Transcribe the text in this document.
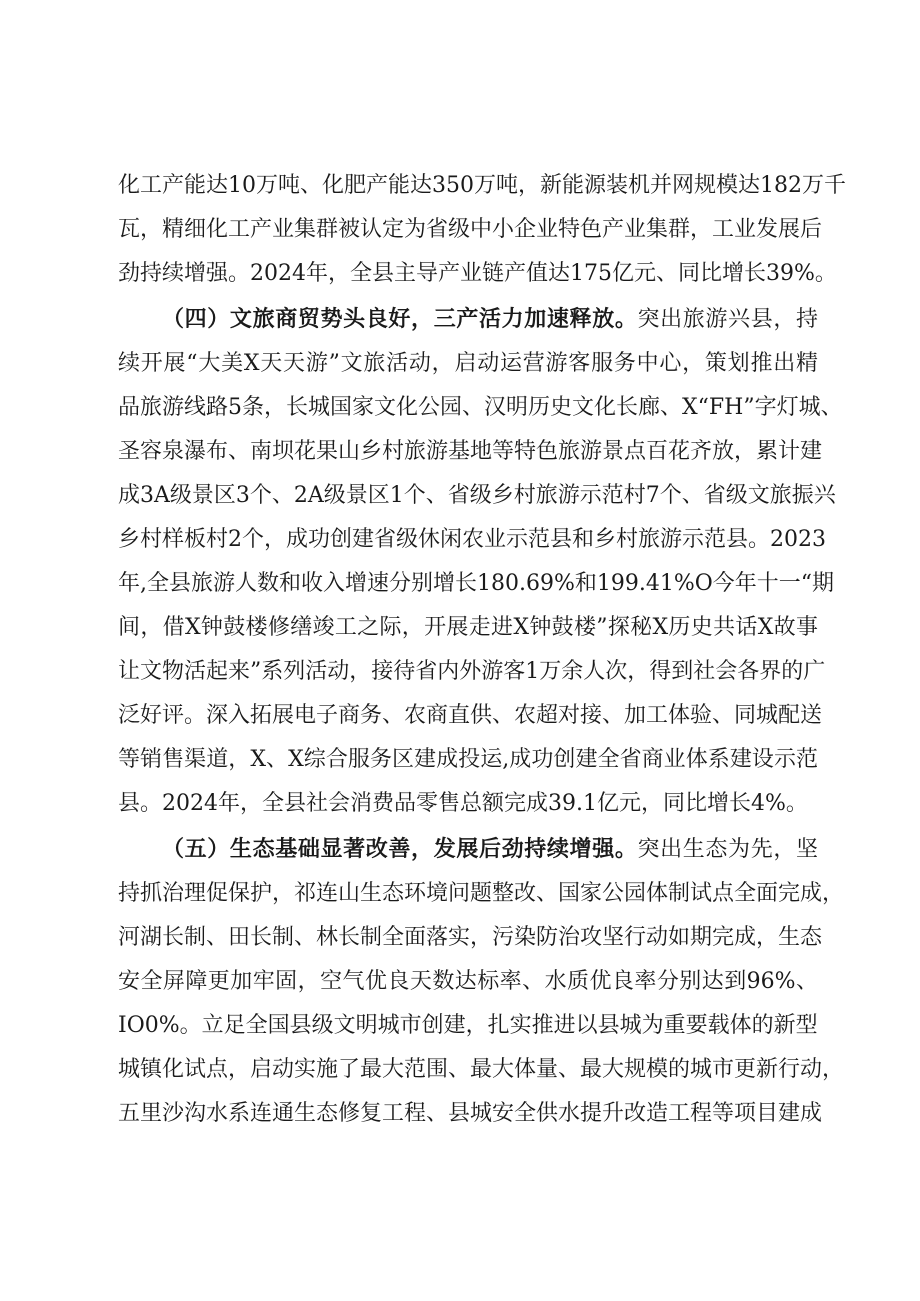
化工产能达10万吨、化肥产能达350万吨，新能源装机并网规模达182万千
瓦，精细化工产业集群被认定为省级中小企业特色产业集群，工业发展后
劲持续增强。2024年，全县主导产业链产值达175亿元、同比增长39%。
（四）文旅商贸势头良好，三产活力加速释放。突出旅游兴县，持
续开展“大美X天天游”文旅活动，启动运营游客服务中心，策划推出精
品旅游线路5条，长城国家文化公园、汉明历史文化长廊、X“FH”字灯城、
圣容泉瀑布、南坝花果山乡村旅游基地等特色旅游景点百花齐放，累计建
成3A级景区3个、2A级景区1个、省级乡村旅游示范村7个、省级文旅振兴
乡村样板村2个，成功创建省级休闲农业示范县和乡村旅游示范县。2023
年,全县旅游人数和收入增速分别增长180.69%和199.41%O今年十一“期
间，借X钟鼓楼修缮竣工之际，开展走进X钟鼓楼”探秘X历史共话X故事
让文物活起来”系列活动，接待省内外游客1万余人次，得到社会各界的广
泛好评。深入拓展电子商务、农商直供、农超对接、加工体验、同城配送
等销售渠道，X、X综合服务区建成投运,成功创建全省商业体系建设示范
县。2024年，全县社会消费品零售总额完成39.1亿元，同比增长4%。
（五）生态基础显著改善，发展后劲持续增强。突出生态为先，坚
持抓治理促保护，祁连山生态环境问题整改、国家公园体制试点全面完成，
河湖长制、田长制、林长制全面落实，污染防治攻坚行动如期完成，生态
安全屏障更加牢固，空气优良天数达标率、水质优良率分别达到96%、
IO0%。立足全国县级文明城市创建，扎实推进以县城为重要载体的新型
城镇化试点，启动实施了最大范围、最大体量、最大规模的城市更新行动，
五里沙沟水系连通生态修复工程、县城安全供水提升改造工程等项目建成
